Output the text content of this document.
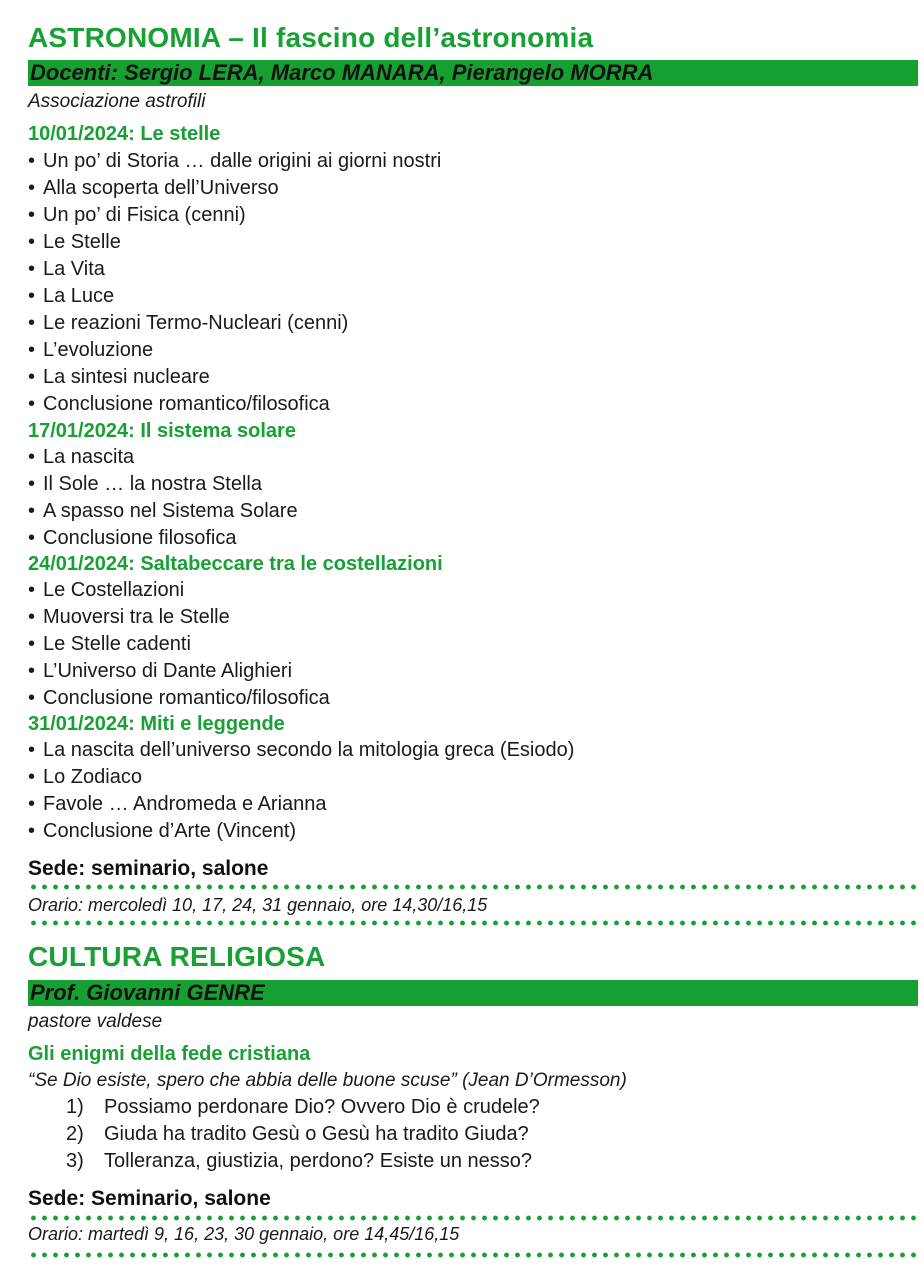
ASTRONOMIA – Il fascino dell’astronomia
Docenti: Sergio LERA, Marco MANARA, Pierangelo MORRA
Associazione astrofili
10/01/2024: Le stelle
• Un po’ di Storia … dalle origini ai giorni nostri
• Alla scoperta dell’Universo
• Un po’ di Fisica (cenni)
• Le Stelle
• La Vita
• La Luce
• Le reazioni Termo-Nucleari (cenni)
• L’evoluzione
• La sintesi nucleare
• Conclusione romantico/filosofica
17/01/2024: Il sistema solare
• La nascita
• Il Sole … la nostra Stella
• A spasso nel Sistema Solare
• Conclusione filosofica
24/01/2024: Saltabeccare tra le costellazioni
• Le Costellazioni
• Muoversi tra le Stelle
• Le Stelle cadenti
• L’Universo di Dante Alighieri
• Conclusione romantico/filosofica
31/01/2024: Miti e leggende
• La nascita dell’universo secondo la mitologia greca (Esiodo)
• Lo Zodiaco
• Favole … Andromeda e Arianna
• Conclusione d’Arte (Vincent)
Sede: seminario, salone
Orario: mercoledì 10, 17, 24, 31 gennaio, ore 14,30/16,15
CULTURA RELIGIOSA
Prof. Giovanni GENRE
pastore valdese
Gli enigmi della fede cristiana
“Se Dio esiste, spero che abbia delle buone scuse” (Jean D’Ormesson)
1) Possiamo perdonare Dio? Ovvero Dio è crudele?
2) Giuda ha tradito Gesù o Gesù ha tradito Giuda?
3) Tolleranza, giustizia, perdono? Esiste un nesso?
Sede: Seminario, salone
Orario: martedì 9, 16, 23, 30 gennaio, ore 14,45/16,15
